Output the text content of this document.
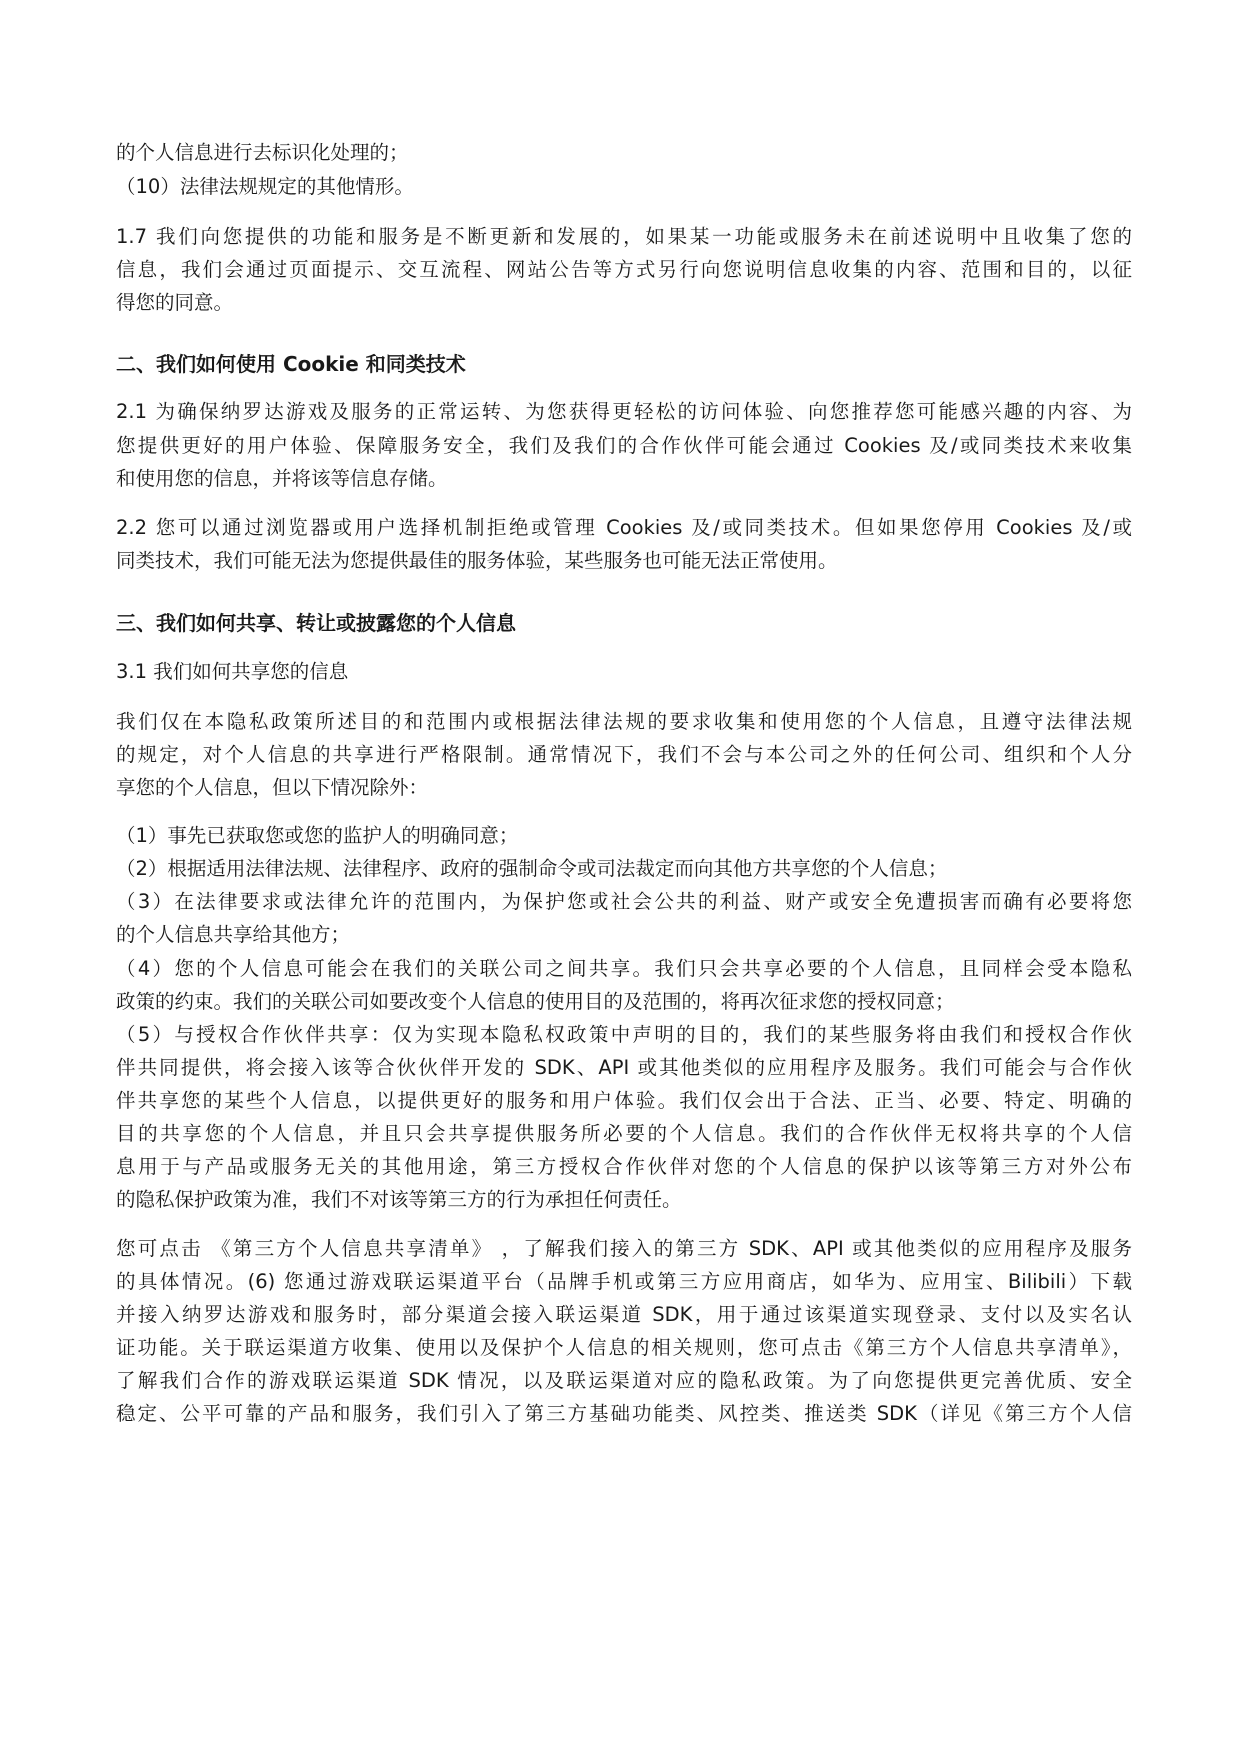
的个人信息进行去标识化处理的；
（10）法律法规规定的其他情形。
1.7 我们向您提供的功能和服务是不断更新和发展的，如果某一功能或服务未在前述说明中且收集了您的
信息，我们会通过页面提示、交互流程、网站公告等方式另行向您说明信息收集的内容、范围和目的，以征
得您的同意。
二、我们如何使用 Cookie 和同类技术
2.1 为确保纳罗达游戏及服务的正常运转、为您获得更轻松的访问体验、向您推荐您可能感兴趣的内容、为
您提供更好的用户体验、保障服务安全，我们及我们的合作伙伴可能会通过 Cookies 及/或同类技术来收集
和使用您的信息，并将该等信息存储。
2.2 您可以通过浏览器或用户选择机制拒绝或管理 Cookies 及/或同类技术。但如果您停用 Cookies 及/或
同类技术，我们可能无法为您提供最佳的服务体验，某些服务也可能无法正常使用。
三、我们如何共享、转让或披露您的个人信息
3.1 我们如何共享您的信息
我们仅在本隐私政策所述目的和范围内或根据法律法规的要求收集和使用您的个人信息，且遵守法律法规
的规定，对个人信息的共享进行严格限制。通常情况下，我们不会与本公司之外的任何公司、组织和个人分
享您的个人信息，但以下情况除外：
（1）事先已获取您或您的监护人的明确同意；
（2）根据适用法律法规、法律程序、政府的强制命令或司法裁定而向其他方共享您的个人信息；
（3）在法律要求或法律允许的范围内，为保护您或社会公共的利益、财产或安全免遭损害而确有必要将您
的个人信息共享给其他方；
（4）您的个人信息可能会在我们的关联公司之间共享。我们只会共享必要的个人信息，且同样会受本隐私
政策的约束。我们的关联公司如要改变个人信息的使用目的及范围的，将再次征求您的授权同意；
（5）与授权合作伙伴共享：仅为实现本隐私权政策中声明的目的，我们的某些服务将由我们和授权合作伙
伴共同提供，将会接入该等合伙伙伴开发的 SDK、API 或其他类似的应用程序及服务。我们可能会与合作伙
伴共享您的某些个人信息，以提供更好的服务和用户体验。我们仅会出于合法、正当、必要、特定、明确的
目的共享您的个人信息，并且只会共享提供服务所必要的个人信息。我们的合作伙伴无权将共享的个人信
息用于与产品或服务无关的其他用途，第三方授权合作伙伴对您的个人信息的保护以该等第三方对外公布
的隐私保护政策为准，我们不对该等第三方的行为承担任何责任。
您可点击 《第三方个人信息共享清单》 ，了解我们接入的第三方 SDK、API 或其他类似的应用程序及服务
的具体情况。(6) 您通过游戏联运渠道平台（品牌手机或第三方应用商店，如华为、应用宝、Bilibili）下载
并接入纳罗达游戏和服务时，部分渠道会接入联运渠道 SDK，用于通过该渠道实现登录、支付以及实名认
证功能。关于联运渠道方收集、使用以及保护个人信息的相关规则，您可点击《第三方个人信息共享清单》，
了解我们合作的游戏联运渠道 SDK 情况，以及联运渠道对应的隐私政策。为了向您提供更完善优质、安全
稳定、公平可靠的产品和服务，我们引入了第三方基础功能类、风控类、推送类 SDK（详见《第三方个人信
